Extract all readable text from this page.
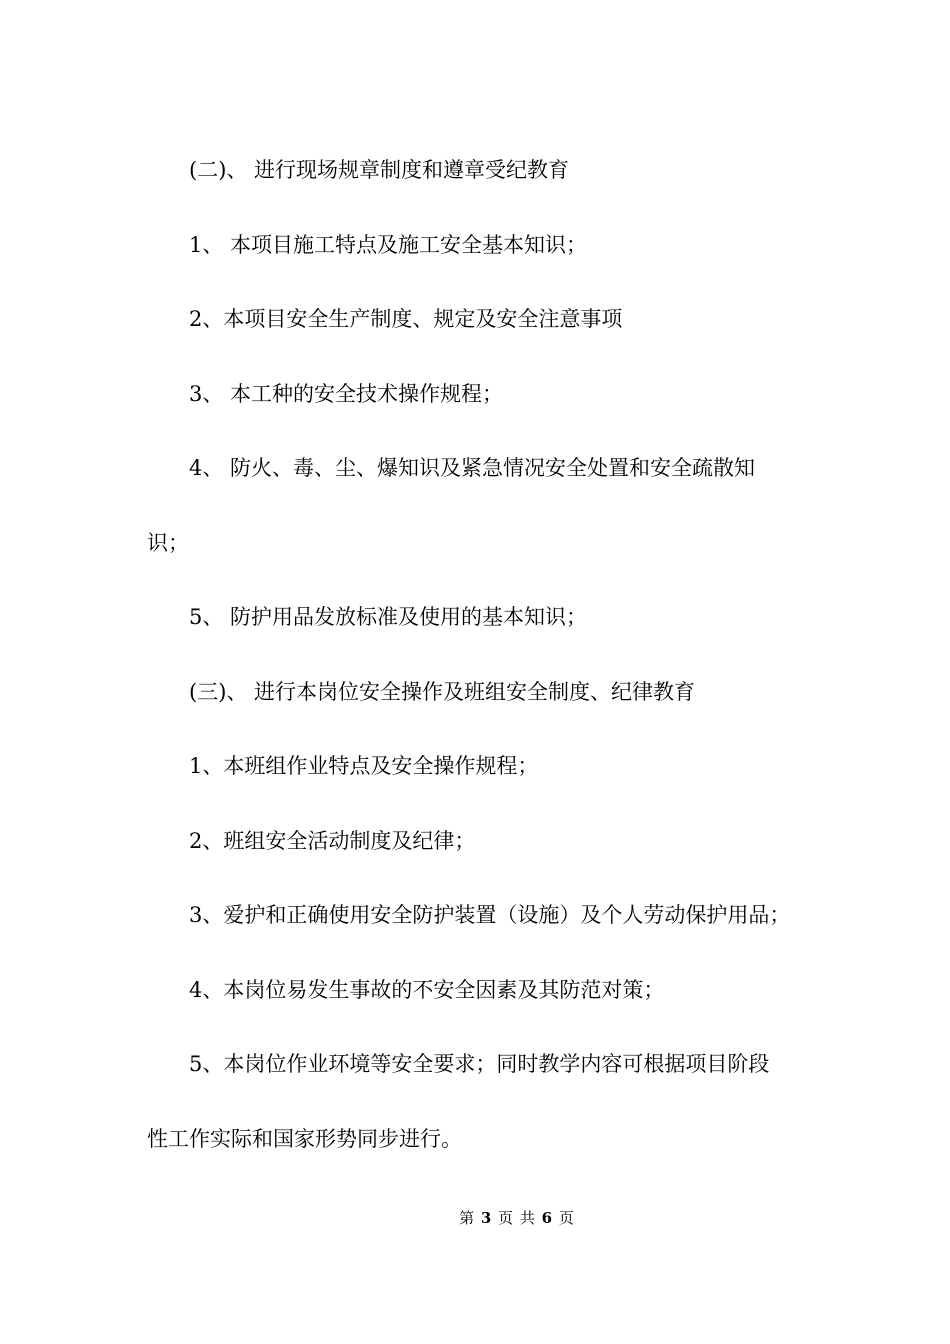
(二)、 进行现场规章制度和遵章受纪教育

1、 本项目施工特点及施工安全基本知识；

2、本项目安全生产制度、规定及安全注意事项

3、 本工种的安全技术操作规程；

4、 防火、毒、尘、爆知识及紧急情况安全处置和安全疏散知

识；

5、 防护用品发放标准及使用的基本知识；

(三)、 进行本岗位安全操作及班组安全制度、纪律教育

1、本班组作业特点及安全操作规程；

2、班组安全活动制度及纪律；

3、爱护和正确使用安全防护装置（设施）及个人劳动保护用品；

4、本岗位易发生事故的不安全因素及其防范对策；

5、本岗位作业环境等安全要求；同时教学内容可根据项目阶段

性工作实际和国家形势同步进行。

第 3 页 共 6 页
